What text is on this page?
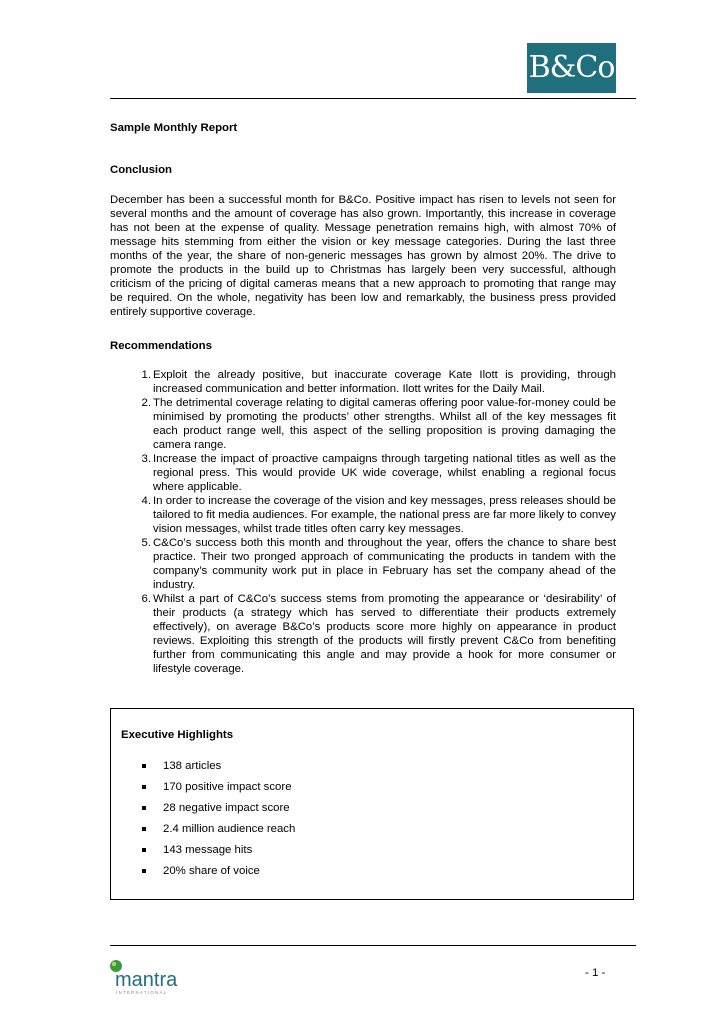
B&Co

Sample Monthly Report

Conclusion

December has been a successful month for B&Co. Positive impact has risen to levels not seen for several months and the amount of coverage has also grown. Importantly, this increase in coverage has not been at the expense of quality. Message penetration remains high, with almost 70% of message hits stemming from either the vision or key message categories. During the last three months of the year, the share of non-generic messages has grown by almost 20%. The drive to promote the products in the build up to Christmas has largely been very successful, although criticism of the pricing of digital cameras means that a new approach to promoting that range may be required. On the whole, negativity has been low and remarkably, the business press provided entirely supportive coverage.

Recommendations

1. Exploit the already positive, but inaccurate coverage Kate Ilott is providing, through increased communication and better information. Ilott writes for the Daily Mail.
2. The detrimental coverage relating to digital cameras offering poor value-for-money could be minimised by promoting the products’ other strengths. Whilst all of the key messages fit each product range well, this aspect of the selling proposition is proving damaging the camera range.
3. Increase the impact of proactive campaigns through targeting national titles as well as the regional press. This would provide UK wide coverage, whilst enabling a regional focus where applicable.
4. In order to increase the coverage of the vision and key messages, press releases should be tailored to fit media audiences. For example, the national press are far more likely to convey vision messages, whilst trade titles often carry key messages.
5. C&Co’s success both this month and throughout the year, offers the chance to share best practice. Their two pronged approach of communicating the products in tandem with the company’s community work put in place in February has set the company ahead of the industry.
6. Whilst a part of C&Co’s success stems from promoting the appearance or ‘desirability’ of their products (a strategy which has served to differentiate their products extremely effectively), on average B&Co’s products score more highly on appearance in product reviews. Exploiting this strength of the products will firstly prevent C&Co from benefiting further from communicating this angle and may provide a hook for more consumer or lifestyle coverage.

Executive Highlights

138 articles
170 positive impact score
28 negative impact score
2.4 million audience reach
143 message hits
20% share of voice
mantra
INTERNATIONAL
- 1 -
